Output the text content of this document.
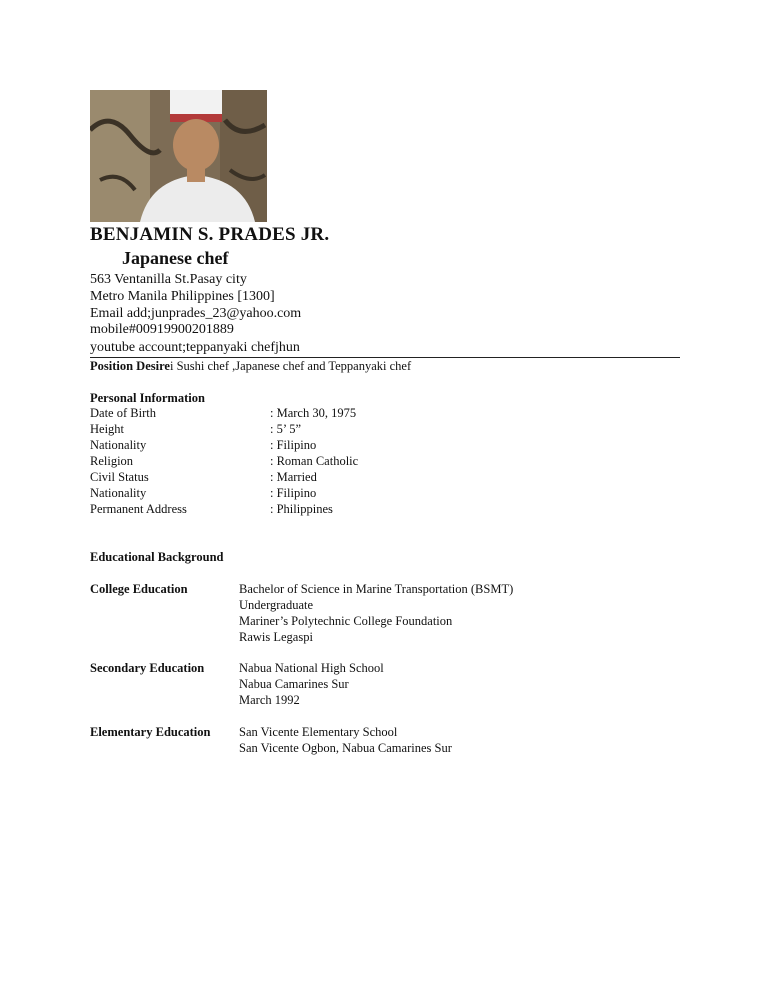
BENJAMIN S. PRADES JR.
Japanese chef
563 Ventanilla St.Pasay city
Metro Manila Philippines [1300]
Email add;junprades_23@yahoo.com
mobile#00919900201889
youtube account;teppanyaki chefjhun
Position Desirei Sushi chef ,Japanese chef and Teppanyaki chef
Personal Information
Date of Birth	: March 30, 1975
Height	: 5’ 5”
Nationality	: Filipino
Religion	: Roman Catholic
Civil Status	: Married
Nationality	: Filipino
Permanent Address	: Philippines
Educational Background
College Education	Bachelor of Science in Marine Transportation (BSMT)
Undergraduate
Mariner’s Polytechnic College Foundation
Rawis Legaspi
Secondary Education	Nabua National High School
Nabua Camarines Sur
March 1992
Elementary Education San Vicente Elementary School
San Vicente Ogbon, Nabua Camarines Sur
